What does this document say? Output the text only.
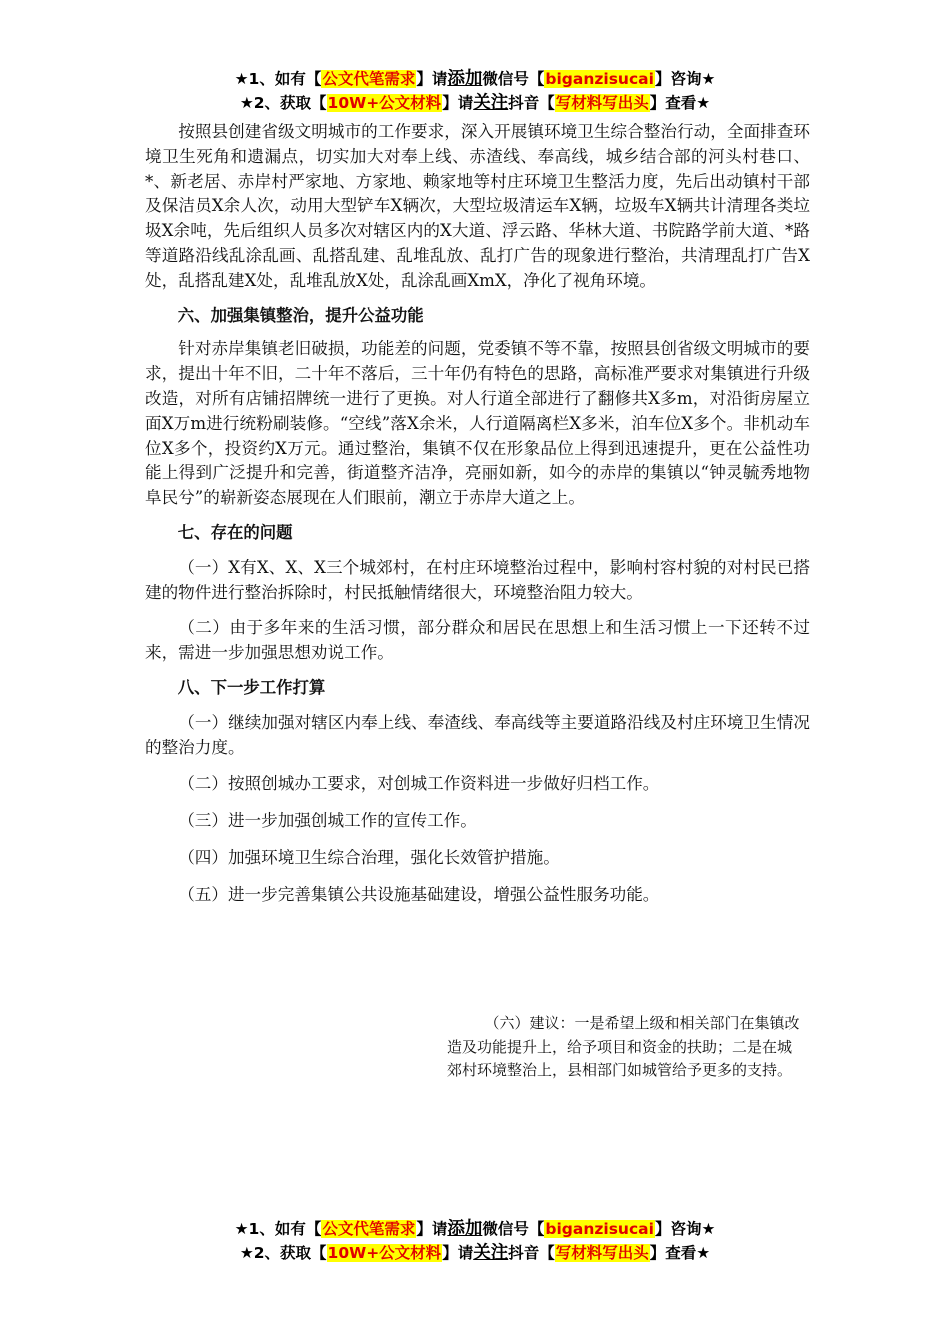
★1、如有【公文代笔需求】请添加微信号【biganzisucai】咨询★
★2、获取【10W+公文材料】请关注抖音【写材料写出头】查看★

按照县创建省级文明城市的工作要求，深入开展镇环境卫生综合整治行动，全面排查环境卫生死角和遗漏点，切实加大对奉上线、赤渣线、奉高线，城乡结合部的河头村巷口、*、新老居、赤岸村严家地、方家地、赖家地等村庄环境卫生整活力度，先后出动镇村干部及保洁员X余人次，动用大型铲车X辆次，大型垃圾清运车X辆，垃圾车X辆共计清理各类垃圾X余吨，先后组织人员多次对辖区内的X大道、浮云路、华林大道、书院路学前大道、*路等道路沿线乱涂乱画、乱搭乱建、乱堆乱放、乱打广告的现象进行整治，共清理乱打广告X处，乱搭乱建X处，乱堆乱放X处，乱涂乱画XmX，净化了视角环境。

六、加强集镇整治，提升公益功能

针对赤岸集镇老旧破损，功能差的问题，党委镇不等不靠，按照县创省级文明城市的要求，提出十年不旧，二十年不落后，三十年仍有特色的思路，高标准严要求对集镇进行升级改造，对所有店铺招牌统一进行了更换。对人行道全部进行了翻修共X多m，对沿街房屋立面X万m进行统粉刷装修。“空线”落X余米，人行道隔离栏X多米，泊车位X多个。非机动车位X多个，投资约X万元。通过整治，集镇不仅在形象品位上得到迅速提升，更在公益性功能上得到广泛提升和完善，街道整齐洁净，亮丽如新，如今的赤岸的集镇以“钟灵毓秀地物阜民兮”的崭新姿态展现在人们眼前，潮立于赤岸大道之上。

七、存在的问题

（一）X有X、X、X三个城郊村，在村庄环境整治过程中，影响村容村貌的对村民已搭建的物件进行整治拆除时，村民抵触情绪很大，环境整治阻力较大。

（二）由于多年来的生活习惯，部分群众和居民在思想上和生活习惯上一下还转不过来，需进一步加强思想劝说工作。

八、下一步工作打算

（一）继续加强对辖区内奉上线、奉渣线、奉高线等主要道路沿线及村庄环境卫生情况的整治力度。

（二）按照创城办工要求，对创城工作资料进一步做好归档工作。

（三）进一步加强创城工作的宣传工作。

（四）加强环境卫生综合治理，强化长效管护措施。

（五）进一步完善集镇公共设施基础建设，增强公益性服务功能。

（六）建议：一是希望上级和相关部门在集镇改造及功能提升上，给予项目和资金的扶助；二是在城郊村环境整治上，县相部门如城管给予更多的支持。
★1、如有【公文代笔需求】请添加微信号【biganzisucai】咨询★
★2、获取【10W+公文材料】请关注抖音【写材料写出头】查看★
